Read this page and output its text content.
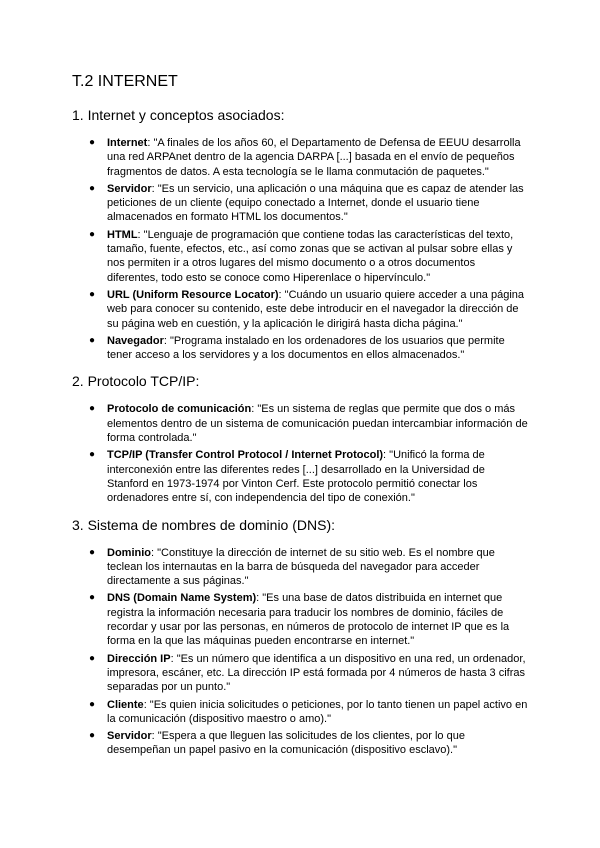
T.2 INTERNET
1. Internet y conceptos asociados:
● Internet: "A finales de los años 60, el Departamento de Defensa de EEUU desarrolla una red ARPAnet dentro de la agencia DARPA [...] basada en el envío de pequeños fragmentos de datos. A esta tecnología se le llama conmutación de paquetes."
● Servidor: "Es un servicio, una aplicación o una máquina que es capaz de atender las peticiones de un cliente (equipo conectado a Internet, donde el usuario tiene almacenados en formato HTML los documentos."
● HTML: "Lenguaje de programación que contiene todas las características del texto, tamaño, fuente, efectos, etc., así como zonas que se activan al pulsar sobre ellas y nos permiten ir a otros lugares del mismo documento o a otros documentos diferentes, todo esto se conoce como Hiperenlace o hipervínculo."
● URL (Uniform Resource Locator): "Cuándo un usuario quiere acceder a una página web para conocer su contenido, este debe introducir en el navegador la dirección de su página web en cuestión, y la aplicación le dirigirá hasta dicha página."
● Navegador: "Programa instalado en los ordenadores de los usuarios que permite tener acceso a los servidores y a los documentos en ellos almacenados."
2. Protocolo TCP/IP:
● Protocolo de comunicación: "Es un sistema de reglas que permite que dos o más elementos dentro de un sistema de comunicación puedan intercambiar información de forma controlada."
● TCP/IP (Transfer Control Protocol / Internet Protocol): "Unificó la forma de interconexión entre las diferentes redes [...] desarrollado en la Universidad de Stanford en 1973-1974 por Vinton Cerf. Este protocolo permitió conectar los ordenadores entre sí, con independencia del tipo de conexión."
3. Sistema de nombres de dominio (DNS):
● Dominio: "Constituye la dirección de internet de su sitio web. Es el nombre que teclean los internautas en la barra de búsqueda del navegador para acceder directamente a sus páginas."
● DNS (Domain Name System): "Es una base de datos distribuida en internet que registra la información necesaria para traducir los nombres de dominio, fáciles de recordar y usar por las personas, en números de protocolo de internet IP que es la forma en la que las máquinas pueden encontrarse en internet."
● Dirección IP: "Es un número que identifica a un dispositivo en una red, un ordenador, impresora, escáner, etc. La dirección IP está formada por 4 números de hasta 3 cifras separadas por un punto."
● Cliente: "Es quien inicia solicitudes o peticiones, por lo tanto tienen un papel activo en la comunicación (dispositivo maestro o amo)."
● Servidor: "Espera a que lleguen las solicitudes de los clientes, por lo que desempeñan un papel pasivo en la comunicación (dispositivo esclavo)."
